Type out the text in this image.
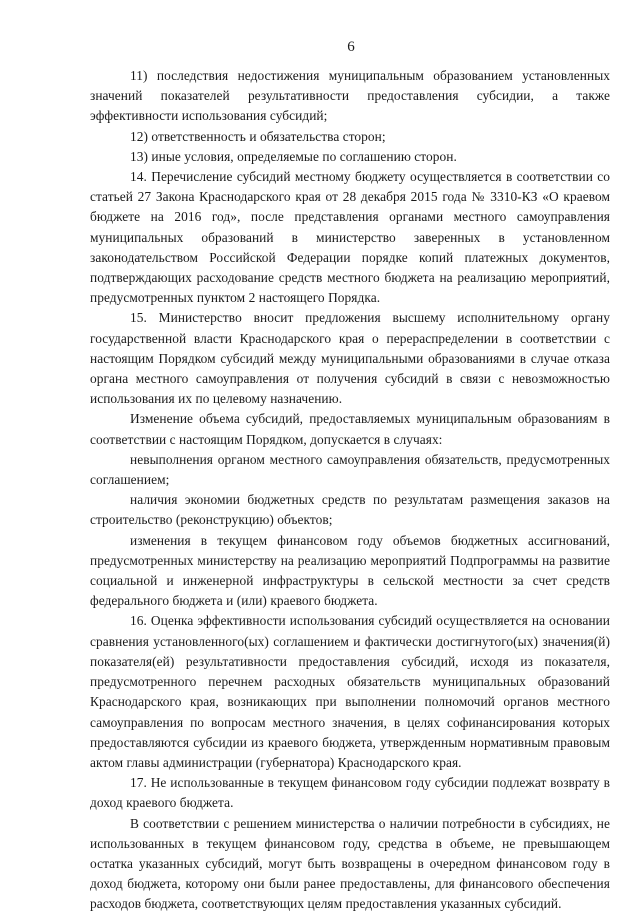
6

11) последствия недостижения муниципальным образованием установленных значений показателей результативности предоставления субсидии, а также эффективности использования субсидий;

12) ответственность и обязательства сторон;

13) иные условия, определяемые по соглашению сторон.

14. Перечисление субсидий местному бюджету осуществляется в соответствии со статьей 27 Закона Краснодарского края от 28 декабря 2015 года № 3310-КЗ «О краевом бюджете на 2016 год», после представления органами местного самоуправления муниципальных образований в министерство заверенных в установленном законодательством Российской Федерации порядке копий платежных документов, подтверждающих расходование средств местного бюджета на реализацию мероприятий, предусмотренных пунктом 2 настоящего Порядка.

15. Министерство вносит предложения высшему исполнительному органу государственной власти Краснодарского края о перераспределении в соответствии с настоящим Порядком субсидий между муниципальными образованиями в случае отказа органа местного самоуправления от получения субсидий в связи с невозможностью использования их по целевому назначению.

Изменение объема субсидий, предоставляемых муниципальным образованиям в соответствии с настоящим Порядком, допускается в случаях:

невыполнения органом местного самоуправления обязательств, предусмотренных соглашением;

наличия экономии бюджетных средств по результатам размещения заказов на строительство (реконструкцию) объектов;

изменения в текущем финансовом году объемов бюджетных ассигнований, предусмотренных министерству на реализацию мероприятий Подпрограммы на развитие социальной и инженерной инфраструктуры в сельской местности за счет средств федерального бюджета и (или) краевого бюджета.

16. Оценка эффективности использования субсидий осуществляется на основании сравнения установленного(ых) соглашением и фактически достигнутого(ых) значения(й) показателя(ей) результативности предоставления субсидий, исходя из показателя, предусмотренного перечнем расходных обязательств муниципальных образований Краснодарского края, возникающих при выполнении полномочий органов местного самоуправления по вопросам местного значения, в целях софинансирования которых предоставляются субсидии из краевого бюджета, утвержденным нормативным правовым актом главы администрации (губернатора) Краснодарского края.

17. Не использованные в текущем финансовом году субсидии подлежат возврату в доход краевого бюджета.

В соответствии с решением министерства о наличии потребности в субсидиях, не использованных в текущем финансовом году, средства в объеме, не превышающем остатка указанных субсидий, могут быть возвращены в очередном финансовом году в доход бюджета, которому они были ранее предоставлены, для финансового обеспечения расходов бюджета, соответствующих целям предоставления указанных субсидий.
